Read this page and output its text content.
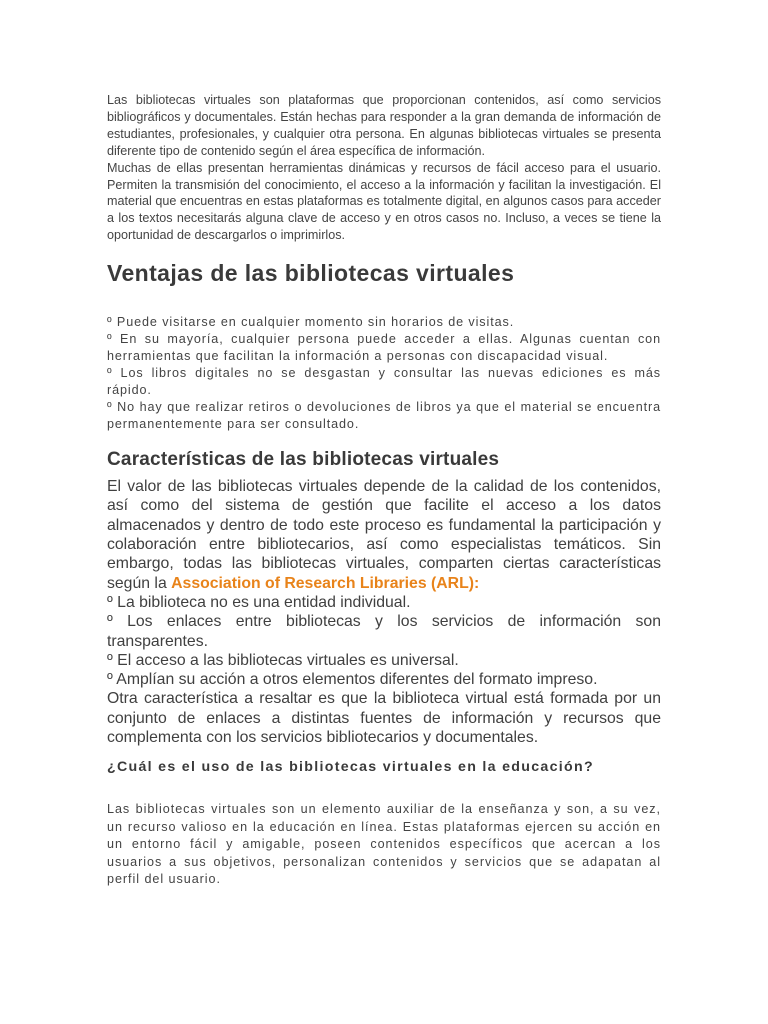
Las bibliotecas virtuales son plataformas que proporcionan contenidos, así como servicios bibliográficos y documentales. Están hechas para responder a la gran demanda de información de estudiantes, profesionales, y cualquier otra persona. En algunas bibliotecas virtuales se presenta diferente tipo de contenido según el área específica de información.

Muchas de ellas presentan herramientas dinámicas y recursos de fácil acceso para el usuario. Permiten la transmisión del conocimiento, el acceso a la información y facilitan la investigación. El material que encuentras en estas plataformas es totalmente digital, en algunos casos para acceder a los textos necesitarás alguna clave de acceso y en otros casos no. Incluso, a veces se tiene la oportunidad de descargarlos o imprimirlos.

Ventajas de las bibliotecas virtuales

º Puede visitarse en cualquier momento sin horarios de visitas.

º En su mayoría, cualquier persona puede acceder a ellas. Algunas cuentan con herramientas que facilitan la información a personas con discapacidad visual.

º Los libros digitales no se desgastan y consultar las nuevas ediciones es más rápido.

º No hay que realizar retiros o devoluciones de libros ya que el material se encuentra permanentemente para ser consultado.

Características de las bibliotecas virtuales

El valor de las bibliotecas virtuales depende de la calidad de los contenidos, así como del sistema de gestión que facilite el acceso a los datos almacenados y dentro de todo este proceso es fundamental la participación y colaboración entre bibliotecarios, así como especialistas temáticos. Sin embargo, todas las bibliotecas virtuales, comparten ciertas características según la Association of Research Libraries (ARL):

º La biblioteca no es una entidad individual.

º Los enlaces entre bibliotecas y los servicios de información son transparentes.

º El acceso a las bibliotecas virtuales es universal.

º Amplían su acción a otros elementos diferentes del formato impreso.

Otra característica a resaltar es que la biblioteca virtual está formada por un conjunto de enlaces a distintas fuentes de información y recursos que complementa con los servicios bibliotecarios y documentales.

¿Cuál es el uso de las bibliotecas virtuales en la educación?

Las bibliotecas virtuales son un elemento auxiliar de la enseñanza y son, a su vez, un recurso valioso en la educación en línea. Estas plataformas ejercen su acción en un entorno fácil y amigable, poseen contenidos específicos que acercan a los usuarios a sus objetivos, personalizan contenidos y servicios que se adapatan al perfil del usuario.
